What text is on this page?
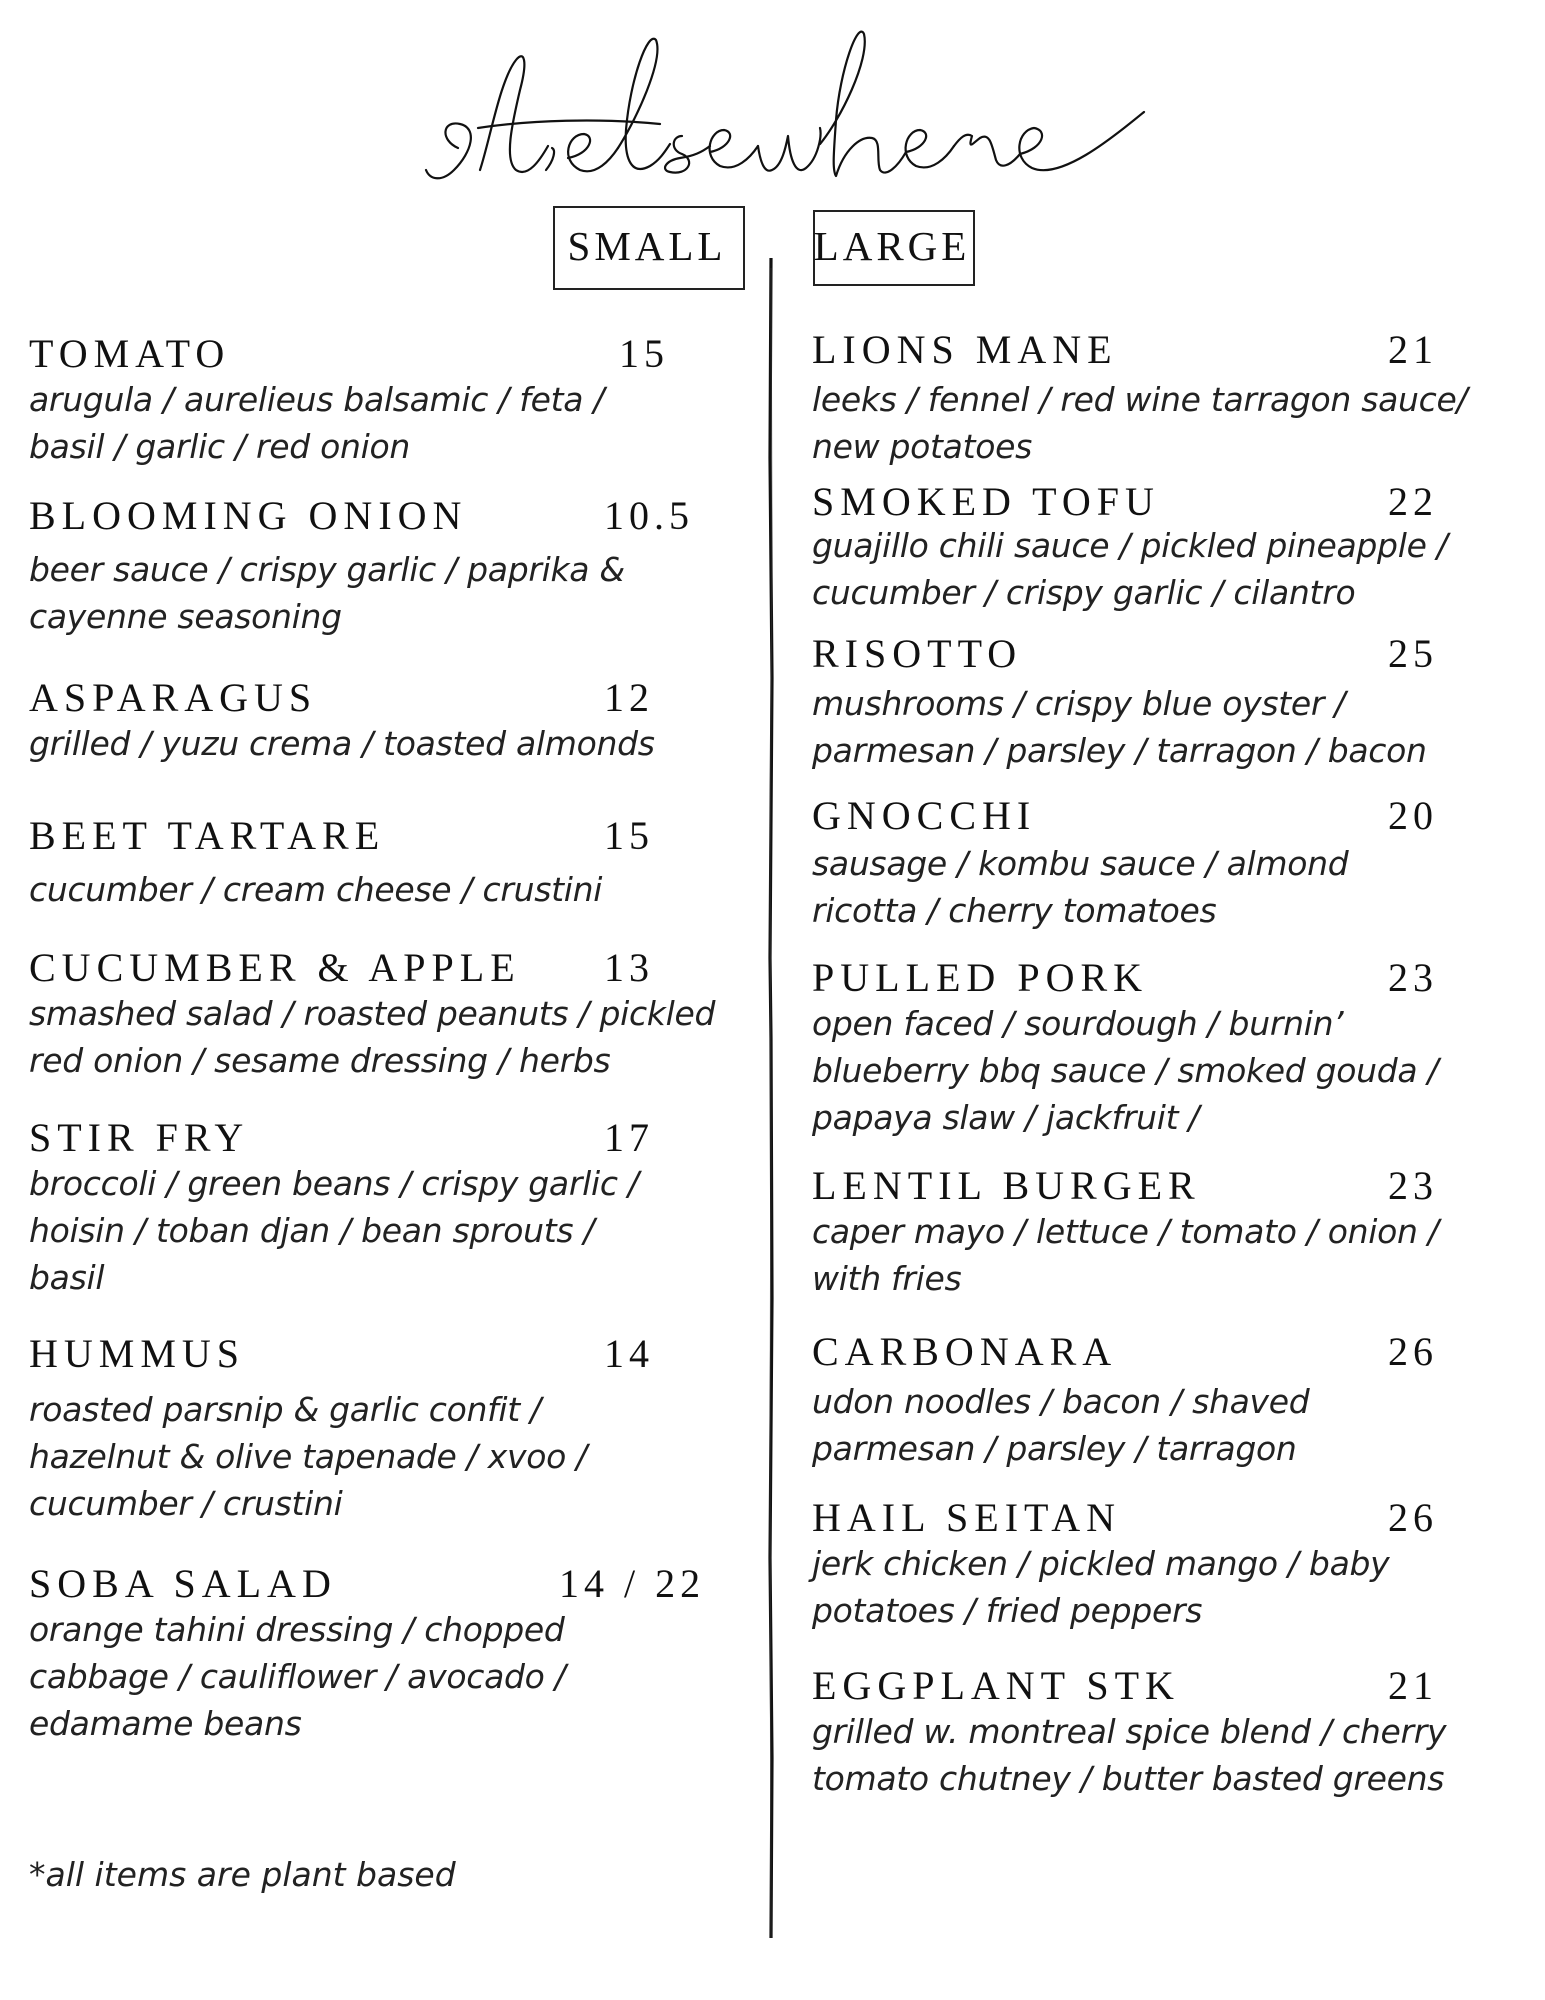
SMALL	LARGE
TOMATO	15
arugula / aurelieus balsamic / feta / basil / garlic / red onion
BLOOMING ONION	10.5
beer sauce / crispy garlic / paprika & cayenne seasoning
ASPARAGUS	12
grilled / yuzu crema / toasted almonds
BEET TARTARE	15
cucumber / cream cheese / crustini
CUCUMBER & APPLE 13
smashed salad / roasted peanuts / pickled red onion / sesame dressing / herbs
STIR FRY	17
broccoli / green beans / crispy garlic / hoisin / toban djan / bean sprouts / basil
HUMMUS	14
roasted parsnip & garlic confit / hazelnut & olive tapenade / xvoo / cucumber / crustini
SOBA SALAD	14 / 22
orange tahini dressing / chopped cabbage / cauliflower / avocado / edamame beans
LIONS MANE	21
leeks / fennel / red wine tarragon sauce/ new potatoes
SMOKED TOFU	22
guajillo chili sauce / pickled pineapple / cucumber / crispy garlic / cilantro
RISOTTO	25
mushrooms / crispy blue oyster / parmesan / parsley / tarragon / bacon
GNOCCHI	20
sausage / kombu sauce / almond ricotta / cherry tomatoes
PULLED PORK	23
open faced / sourdough / burnin’ blueberry bbq sauce / smoked gouda / papaya slaw / jackfruit /
LENTIL BURGER	23
caper mayo / lettuce / tomato / onion / with fries
CARBONARA	26
udon noodles / bacon / shaved parmesan / parsley / tarragon
HAIL SEITAN	26
jerk chicken / pickled mango / baby potatoes / fried peppers
EGGPLANT STK	21
grilled w. montreal spice blend / cherry tomato chutney / butter basted greens
*all items are plant based
